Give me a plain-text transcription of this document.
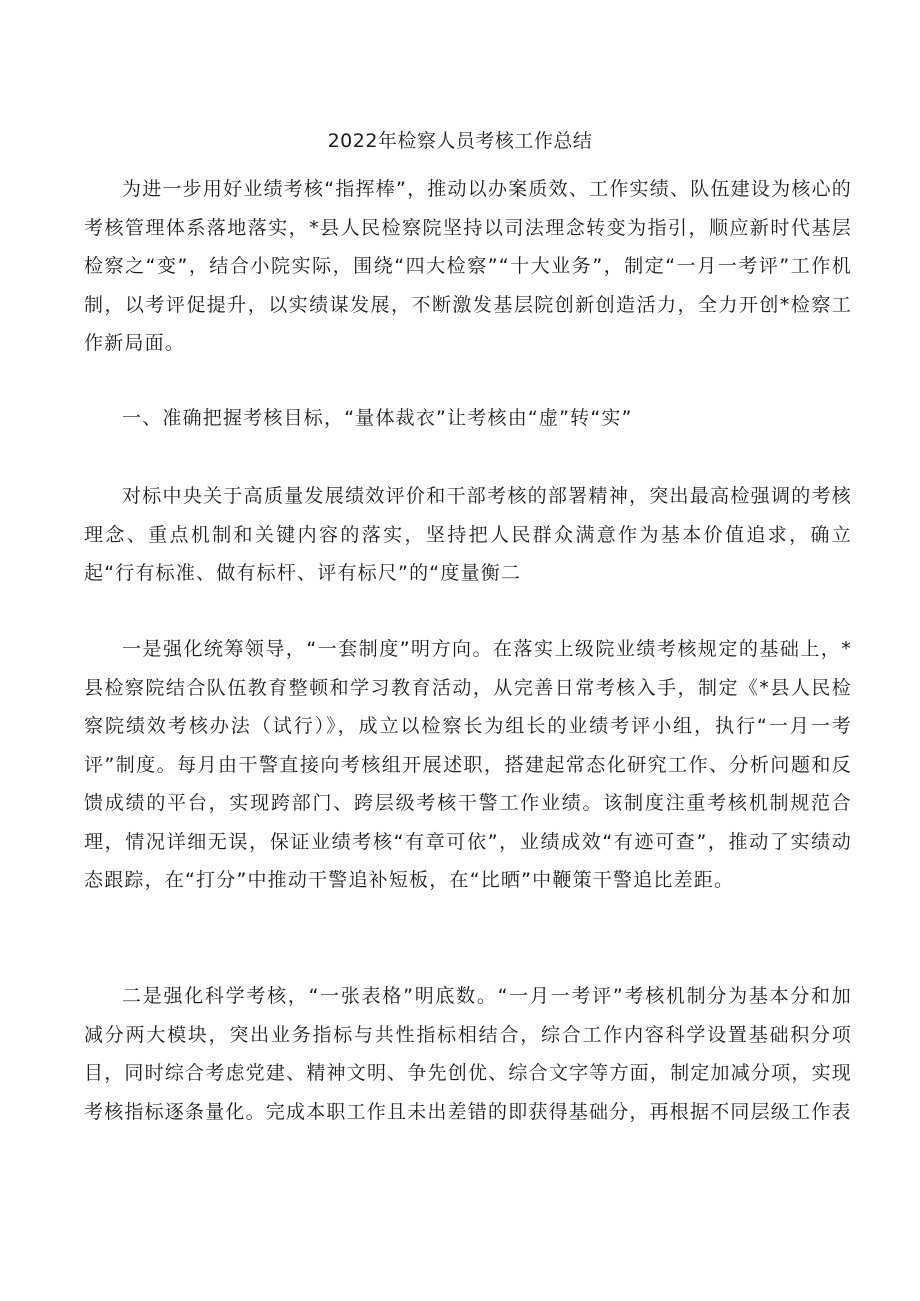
2022年检察人员考核工作总结

为进一步用好业绩考核“指挥棒”，推动以办案质效、工作实绩、队伍建设为核心的考核管理体系落地落实，*县人民检察院坚持以司法理念转变为指引，顺应新时代基层检察之“变”，结合小院实际，围绕“四大检察”“十大业务”，制定“一月一考评”工作机制，以考评促提升，以实绩谋发展，不断激发基层院创新创造活力，全力开创*检察工作新局面。

一、准确把握考核目标，“量体裁衣”让考核由“虚”转“实”

对标中央关于高质量发展绩效评价和干部考核的部署精神，突出最高检强调的考核理念、重点机制和关键内容的落实，坚持把人民群众满意作为基本价值追求，确立起“行有标准、做有标杆、评有标尺”的“度量衡二

一是强化统筹领导，“一套制度”明方向。在落实上级院业绩考核规定的基础上，*县检察院结合队伍教育整顿和学习教育活动，从完善日常考核入手，制定《*县人民检察院绩效考核办法（试行）》，成立以检察长为组长的业绩考评小组，执行“一月一考评”制度。每月由干警直接向考核组开展述职，搭建起常态化研究工作、分析问题和反馈成绩的平台，实现跨部门、跨层级考核干警工作业绩。该制度注重考核机制规范合理，情况详细无误，保证业绩考核“有章可依”，业绩成效“有迹可查”，推动了实绩动态跟踪，在“打分”中推动干警追补短板，在“比晒”中鞭策干警追比差距。

二是强化科学考核，“一张表格”明底数。“一月一考评”考核机制分为基本分和加减分两大模块，突出业务指标与共性指标相结合，综合工作内容科学设置基础积分项目，同时综合考虑党建、精神文明、争先创优、综合文字等方面，制定加减分项，实现考核指标逐条量化。完成本职工作且未出差错的即获得基础分，再根据不同层级工作表
